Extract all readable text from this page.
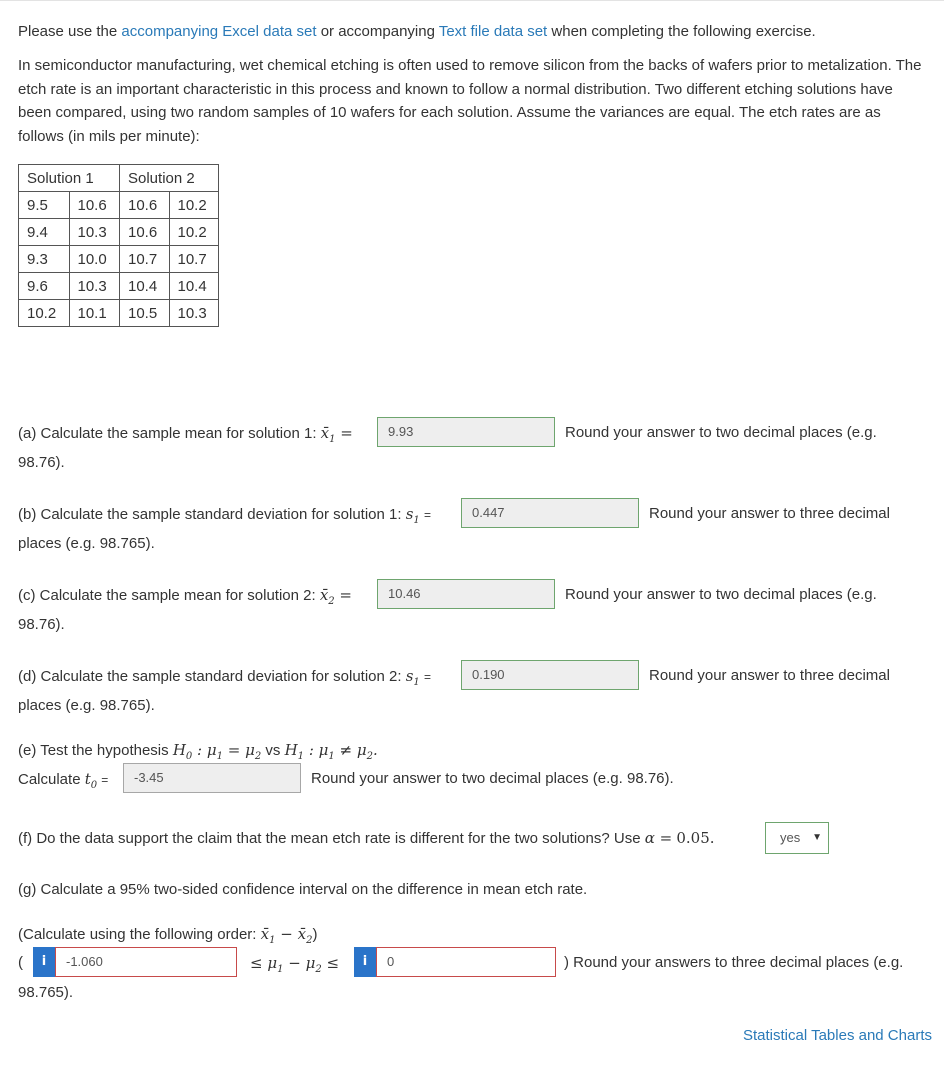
Please use the accompanying Excel data set or accompanying Text file data set when completing the following exercise.
In semiconductor manufacturing, wet chemical etching is often used to remove silicon from the backs of wafers prior to metalization. The etch rate is an important characteristic in this process and known to follow a normal distribution. Two different etching solutions have been compared, using two random samples of 10 wafers for each solution. Assume the variances are equal. The etch rates are as follows (in mils per minute):
Solution 1		Solution 2	
9.5	10.6	10.6	10.2
9.4	10.3	10.6	10.2
9.3	10.0	10.7	10.7
9.6	10.3	10.4	10.4
10.2	10.1	10.5	10.3
(a) Calculate the sample mean for solution 1: $x̄_1$ =	9.93	Round your answer to two decimal places (e.g.
98.76).
(b) Calculate the sample standard deviation for solution 1: $s_1$ =	0.447	Round your answer to three decimal
places (e.g. 98.765).
(c) Calculate the sample mean for solution 2: $x̄_2$ =	10.46	Round your answer to two decimal places (e.g.
98.76).
(d) Calculate the sample standard deviation for solution 2: $s_1$ =	0.190	Round your answer to three decimal
places (e.g. 98.765).
(e) Test the hypothesis $H_0$ : $\mu_1 = \mu_2$ vs $H_1$ : $\mu_1 \ne \mu_2$.
Calculate $t_0$ =	-3.45	Round your answer to two decimal places (e.g. 98.76).
(f) Do the data support the claim that the mean etch rate is different for the two solutions? Use α = 0.05.	yes ▼
(g) Calculate a 95% two-sided confidence interval on the difference in mean etch rate.
(Calculate using the following order: $x̄_1$ − $x̄_2$)
(	i	-1.060	≤ $\mu_1 - \mu_2$ ≤	i	0	) Round your answers to three decimal places (e.g.
98.765).
Statistical Tables and Charts
